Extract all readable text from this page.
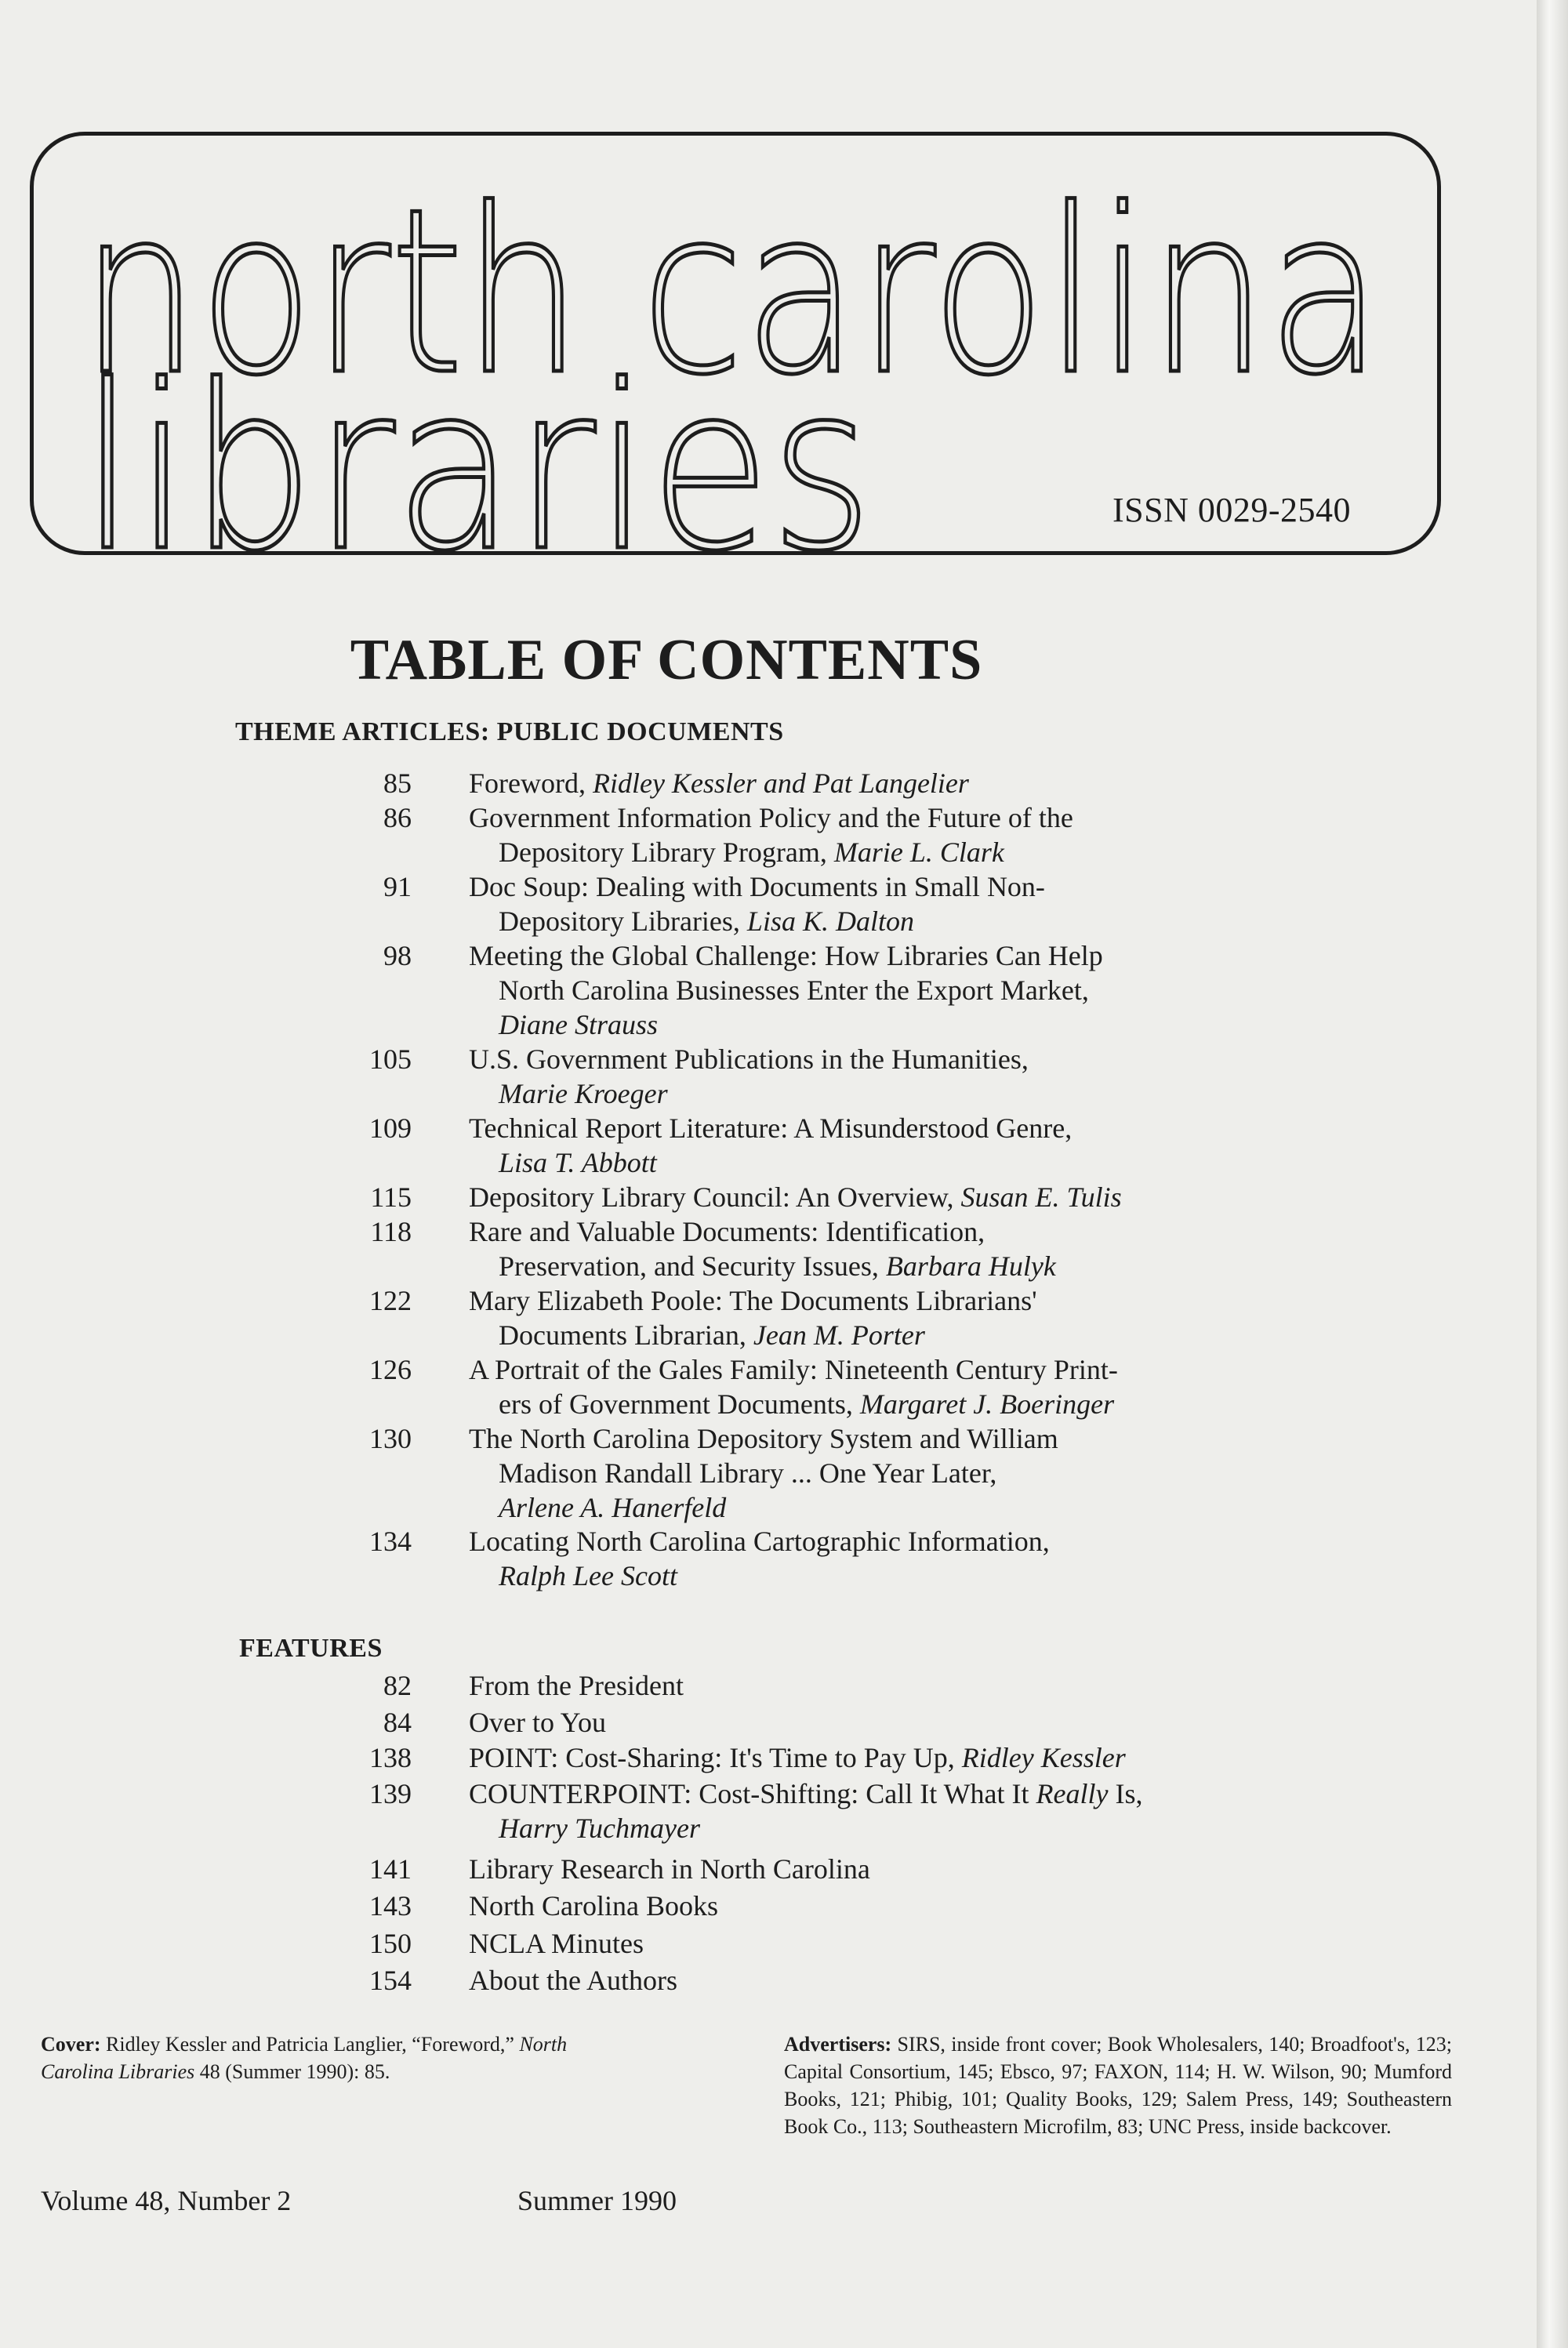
north carolina
libraries	ISSN 0029-2540
TABLE OF CONTENTS
THEME ARTICLES: PUBLIC DOCUMENTS
85 Foreword, Ridley Kessler and Pat Langelier
86 Government Information Policy and the Future of the
Depository Library Program, Marie L. Clark
91 Doc Soup: Dealing with Documents in Small Non-
Depository Libraries, Lisa K. Dalton
98 Meeting the Global Challenge: How Libraries Can Help
North Carolina Businesses Enter the Export Market,
Diane Strauss
105 U.S. Government Publications in the Humanities,
Marie Kroeger
109 Technical Report Literature: A Misunderstood Genre,
Lisa T. Abbott
115 Depository Library Council: An Overview, Susan E. Tulis
118 Rare and Valuable Documents: Identification,
Preservation, and Security Issues, Barbara Hulyk
122 Mary Elizabeth Poole: The Documents Librarians'
Documents Librarian, Jean M. Porter
126 A Portrait of the Gales Family: Nineteenth Century Print-
ers of Government Documents, Margaret J. Boeringer
130 The North Carolina Depository System and William
Madison Randall Library ... One Year Later,
Arlene A. Hanerfeld
134 Locating North Carolina Cartographic Information,
Ralph Lee Scott
FEATURES
82 From the President
84 Over to You
138 POINT: Cost-Sharing: It's Time to Pay Up, Ridley Kessler
139 COUNTERPOINT: Cost-Shifting: Call It What It Really Is,
Harry Tuchmayer
141 Library Research in North Carolina
143 North Carolina Books
150 NCLA Minutes
154 About the Authors
Cover: Ridley Kessler and Patricia Langlier, “Foreword,” North
Carolina Libraries 48 (Summer 1990): 85.
Advertisers: SIRS, inside front cover; Book Wholesalers, 140; Broadfoot's, 123; Capital Consortium, 145; Ebsco, 97; FAXON, 114; H. W. Wilson, 90; Mumford Books, 121; Phibig, 101; Quality Books, 129; Salem Press, 149; Southeastern Book Co., 113; Southeastern Microfilm, 83; UNC Press, inside backcover.
Volume 48, Number 2	Summer 1990
